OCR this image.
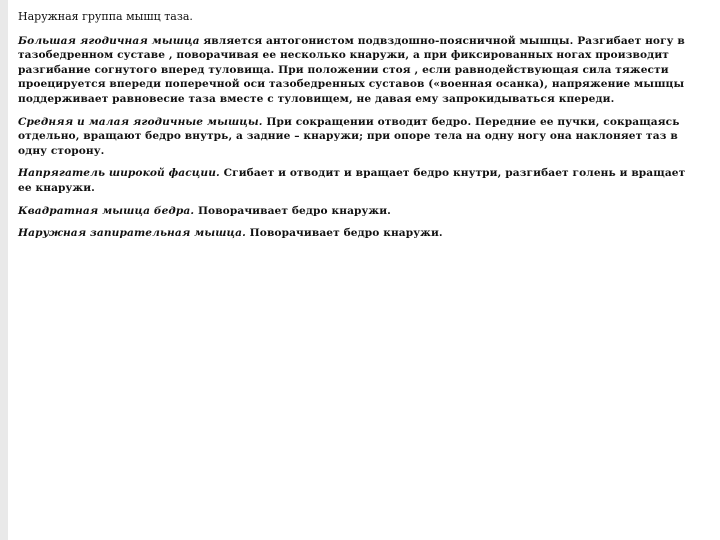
Наружная группа мышц таза.

Большая ягодичная мышца является антогонистом подвздошно-поясничной мышцы. Разгибает ногу в тазобедренном суставе , поворачивая ее несколько кнаружи, а при фиксированных ногах производит разгибание согнутого вперед туловища. При положении стоя , если равнодействующая сила тяжести проецируется впереди поперечной оси тазобедренных суставов («военная осанка), напряжение мышцы поддерживает равновесие таза вместе с туловищем, не давая ему запрокидываться кпереди.

Средняя и малая ягодичные мышцы. При сокращении отводит бедро. Передние ее пучки, сокращаясь отдельно, вращают бедро внутрь, а задние – кнаружи; при опоре тела на одну ногу она наклоняет таз в одну сторону.

Напрягатель широкой фасции. Сгибает и отводит и вращает бедро кнутри, разгибает голень и вращает ее кнаружи.

Квадратная мышца бедра. Поворачивает бедро кнаружи.

Наружная запирательная мышца. Поворачивает бедро кнаружи.
